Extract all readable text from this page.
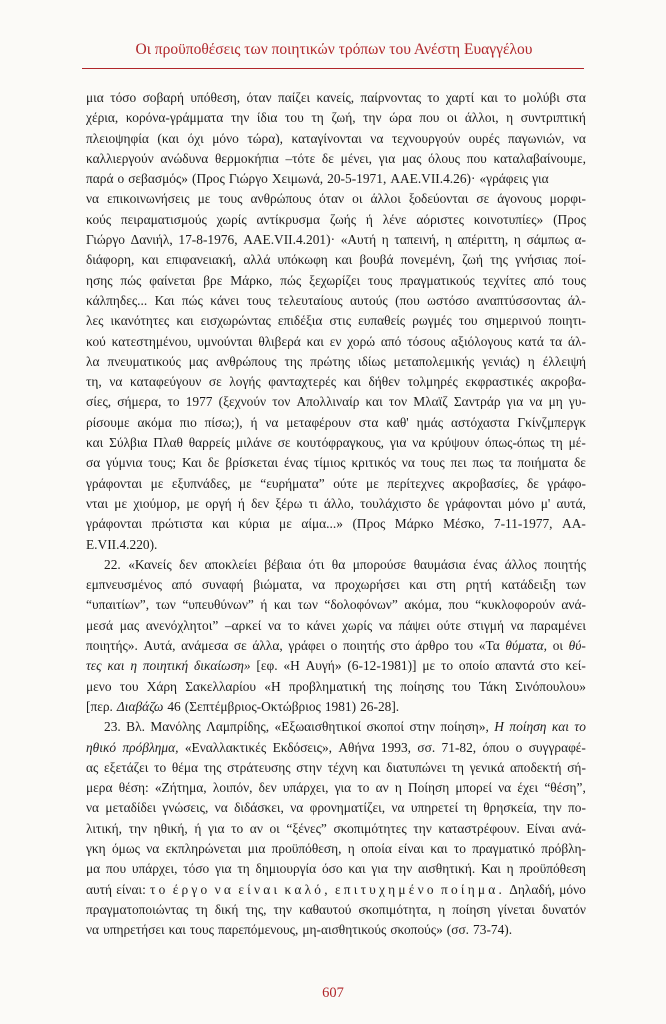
Οι προϋποθέσεις των ποιητικών τρόπων του Ανέστη Ευαγγέλου
μια τόσο σοβαρή υπόθεση, όταν παίζει κανείς, παίρνοντας το χαρτί και το μολύβι στα
χέρια, κορόνα-γράμματα την ίδια του τη ζωή, την ώρα που οι άλλοι, η συντριπτική
πλειοψηφία (και όχι μόνο τώρα), καταγίνονται να τεχνουργούν ουρές παγωνιών, να
καλλιεργούν ανώδυνα θερμοκήπια –τότε δε μένει, για μας όλους που καταλαβαίνουμε,
παρά ο σεβασμός» (Προς Γιώργο Χειμωνά, 20-5-1971, ΑΑΕ.VII.4.26)· «γράφεις για
να επικοινωνήσεις με τους ανθρώπους όταν οι άλλοι ξοδεύονται σε άγονους μορφι-
κούς πειραματισμούς χωρίς αντίκρυσμα ζωής ή λένε αόριστες κοινοτυπίες» (Προς
Γιώργο Δανιήλ, 17-8-1976, ΑΑΕ.VII.4.201)· «Αυτή η ταπεινή, η απέριττη, η σάμπως α-
διάφορη, και επιφανειακή, αλλά υπόκωφη και βουβά πονεμένη, ζωή της γνήσιας ποί-
ησης πώς φαίνεται βρε Μάρκο, πώς ξεχωρίζει τους πραγματικούς τεχνίτες από τους
κάλπηδες... Και πώς κάνει τους τελευταίους αυτούς (που ωστόσο αναπτύσσοντας άλ-
λες ικανότητες και εισχωρώντας επιδέξια στις ευπαθείς ρωγμές του σημερινού ποιητι-
κού κατεστημένου, υμνούνται θλιβερά και εν χορώ από τόσους αξιόλογους κατά τα άλ-
λα πνευματικούς μας ανθρώπους της πρώτης ιδίως μεταπολεμικής γενιάς) η έλλειψή
τη, να καταφεύγουν σε λογής φανταχτερές και δήθεν τολμηρές εκφραστικές ακροβα-
σίες, σήμερα, το 1977 (ξεχνούν τον Απολλιναίρ και τον Μλαϊζ Σαντράρ για να μη γυ-
ρίσουμε ακόμα πιο πίσω;), ή να μεταφέρουν στα καθ' ημάς αστόχαστα Γκίνζμπεργκ
και Σύλβια Πλαθ θαρρείς μιλάνε σε κουτόφραγκους, για να κρύψουν όπως-όπως τη μέ-
σα γύμνια τους; Και δε βρίσκεται ένας τίμιος κριτικός να τους πει πως τα ποιήματα δε
γράφονται με εξυπνάδες, με “ευρήματα” ούτε με περίτεχνες ακροβασίες, δε γράφο-
νται με χιούμορ, με οργή ή δεν ξέρω τι άλλο, τουλάχιστο δε γράφονται μόνο μ' αυτά,
γράφονται πρώτιστα και κύρια με αίμα...» (Προς Μάρκο Μέσκο, 7-11-1977, ΑΑ-
Ε.VII.4.220).
22. «Κανείς δεν αποκλείει βέβαια ότι θα μπορούσε θαυμάσια ένας άλλος ποιητής
εμπνευσμένος από συναφή βιώματα, να προχωρήσει και στη ρητή κατάδειξη των
“υπαιτίων”, των “υπευθύνων” ή και των “δολοφόνων” ακόμα, που “κυκλοφορούν ανά-
μεσά μας ανενόχλητοι” –αρκεί να το κάνει χωρίς να πάψει ούτε στιγμή να παραμένει
ποιητής». Αυτά, ανάμεσα σε άλλα, γράφει ο ποιητής στο άρθρο του «Τα θύματα, οι θύ-
τες και η ποιητική δικαίωση» [εφ. «Η Αυγή» (6-12-1981)] με το οποίο απαντά στο κεί-
μενο του Χάρη Σακελλαρίου «Η προβληματική της ποίησης του Τάκη Σινόπουλου»
[περ. Διαβάζω 46 (Σεπτέμβριος-Οκτώβριος 1981) 26-28].
23. Βλ. Μανόλης Λαμπρίδης, «Εξωαισθητικοί σκοποί στην ποίηση», Η ποίηση και το
ηθικό πρόβλημα, «Εναλλακτικές Εκδόσεις», Αθήνα 1993, σσ. 71-82, όπου ο συγγραφέ-
ας εξετάζει το θέμα της στράτευσης στην τέχνη και διατυπώνει τη γενικά αποδεκτή σή-
μερα θέση: «Ζήτημα, λοιπόν, δεν υπάρχει, για το αν η Ποίηση μπορεί να έχει “θέση”,
να μεταδίδει γνώσεις, να διδάσκει, να φρονηματίζει, να υπηρετεί τη θρησκεία, την πο-
λιτική, την ηθική, ή για το αν οι “ξένες” σκοπιμότητες την καταστρέφουν. Είναι ανά-
γκη όμως να εκπληρώνεται μια προϋπόθεση, η οποία είναι και το πραγματικό πρόβλη-
μα που υπάρχει, τόσο για τη δημιουργία όσο και για την αισθητική. Και η προϋπόθεση
αυτή είναι: το έργο να είναι καλό, επιτυχημένο ποίημα. Δηλαδή, μόνο
πραγματοποιώντας τη δική της, την καθαυτού σκοπιμότητα, η ποίηση γίνεται δυνατόν
να υπηρετήσει και τους παρεπόμενους, μη-αισθητικούς σκοπούς» (σσ. 73-74).
607
